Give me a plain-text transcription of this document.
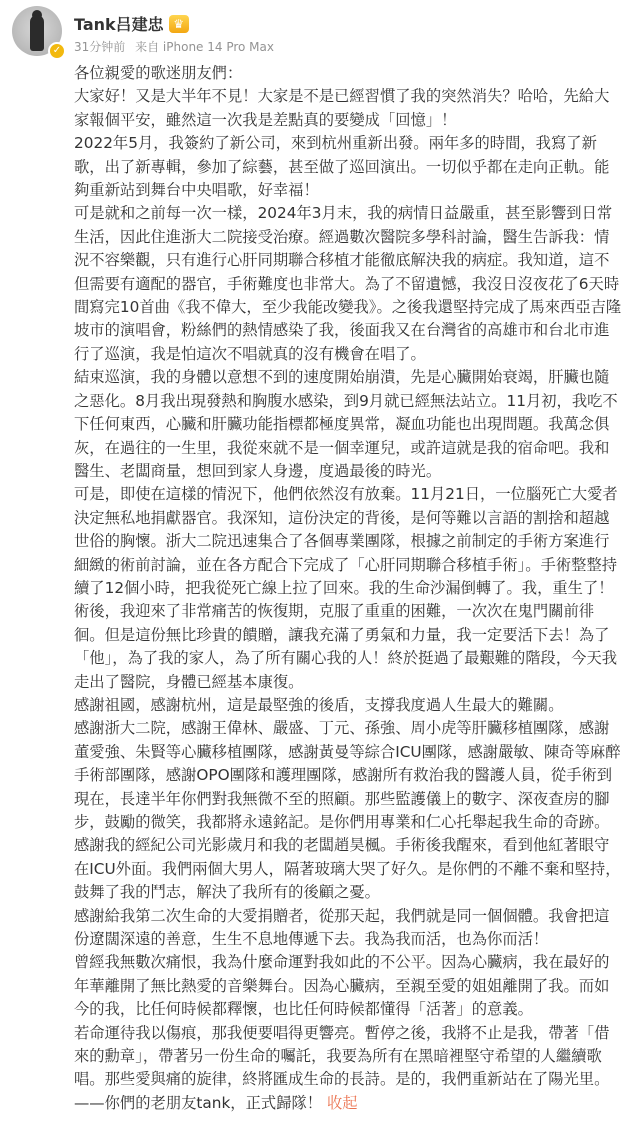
✓
Tank吕建忠 ♛
31分钟前 来自 iPhone 14 Pro Max

各位親愛的歌迷朋友們：

大家好！又是大半年不見！大家是不是已經習慣了我的突然消失？哈哈，先給大家報個平安，雖然這一次我是差點真的要變成「回憶」！

2022年5月，我簽約了新公司，來到杭州重新出發。兩年多的時間，我寫了新歌，出了新專輯，參加了綜藝，甚至做了巡回演出。一切似乎都在走向正軌。能夠重新站到舞台中央唱歌，好幸福！

可是就和之前每一次一樣，2024年3月末，我的病情日益嚴重，甚至影響到日常生活，因此住進浙大二院接受治療。經過數次醫院多學科討論，醫生告訴我：情況不容樂觀，只有進行心肝同期聯合移植才能徹底解決我的病症。我知道，這不但需要有適配的器官，手術難度也非常大。為了不留遺憾，我沒日沒夜花了6天時間寫完10首曲《我不偉大，至少我能改變我》。之後我還堅持完成了馬來西亞吉隆坡市的演唱會，粉絲們的熱情感染了我，後面我又在台灣省的高雄市和台北市進行了巡演，我是怕這次不唱就真的沒有機會在唱了。

結束巡演，我的身體以意想不到的速度開始崩潰，先是心臟開始衰竭，肝臟也隨之惡化。8月我出現發熱和胸腹水感染，到9月就已經無法站立。11月初，我吃不下任何東西，心臟和肝臟功能指標都極度異常，凝血功能也出現問題。我萬念俱灰，在過往的一生里，我從來就不是一個幸運兒，或許這就是我的宿命吧。我和醫生、老闆商量，想回到家人身邊，度過最後的時光。

可是，即使在這樣的情況下，他們依然沒有放棄。11月21日，一位腦死亡大愛者決定無私地捐獻器官。我深知，這份決定的背後，是何等難以言語的割捨和超越世俗的胸懷。浙大二院迅速集合了各個專業團隊，根據之前制定的手術方案進行細緻的術前討論，並在各方配合下完成了「心肝同期聯合移植手術」。手術整整持續了12個小時，把我從死亡線上拉了回來。我的生命沙漏倒轉了。我，重生了！

術後，我迎來了非常痛苦的恢復期，克服了重重的困難，一次次在鬼門關前徘徊。但是這份無比珍貴的饋贈，讓我充滿了勇氣和力量，我一定要活下去！為了「他」，為了我的家人，為了所有關心我的人！終於挺過了最艱難的階段，今天我走出了醫院，身體已經基本康復。

感謝祖國，感謝杭州，這是最堅強的後盾，支撐我度過人生最大的難關。

感謝浙大二院，感謝王偉林、嚴盛、丁元、孫強、周小虎等肝臟移植團隊，感謝董愛強、朱賢等心臟移植團隊，感謝黃曼等綜合ICU團隊，感謝嚴敏、陳奇等麻醉手術部團隊，感謝OPO團隊和護理團隊，感謝所有救治我的醫護人員，從手術到現在，長達半年你們對我無微不至的照顧。那些監護儀上的數字、深夜查房的腳步，鼓勵的微笑，我都將永遠銘記。是你們用專業和仁心托舉起我生命的奇跡。

感謝我的經紀公司光影歲月和我的老闆趙昊楓。手術後我醒來，看到他紅著眼守在ICU外面。我們兩個大男人，隔著玻璃大哭了好久。是你們的不離不棄和堅持，鼓舞了我的鬥志，解決了我所有的後顧之憂。

感謝給我第二次生命的大愛捐贈者，從那天起，我們就是同一個個體。我會把這份遼闊深遠的善意，生生不息地傳遞下去。我為我而活，也為你而活！

曾經我無數次痛恨，我為什麼命運對我如此的不公平。因為心臟病，我在最好的年華離開了無比熱愛的音樂舞台。因為心臟病，至親至愛的姐姐離開了我。而如今的我，比任何時候都釋懷，也比任何時候都懂得「活著」的意義。

若命運待我以傷痕，那我便要唱得更響亮。暫停之後，我將不止是我，帶著「借來的勳章」，帶著另一份生命的囑託，我要為所有在黑暗裡堅守希望的人繼續歌唱。那些愛與痛的旋律，終將匯成生命的長詩。是的，我們重新站在了陽光里。

——你們的老朋友tank，正式歸隊！ 收起
